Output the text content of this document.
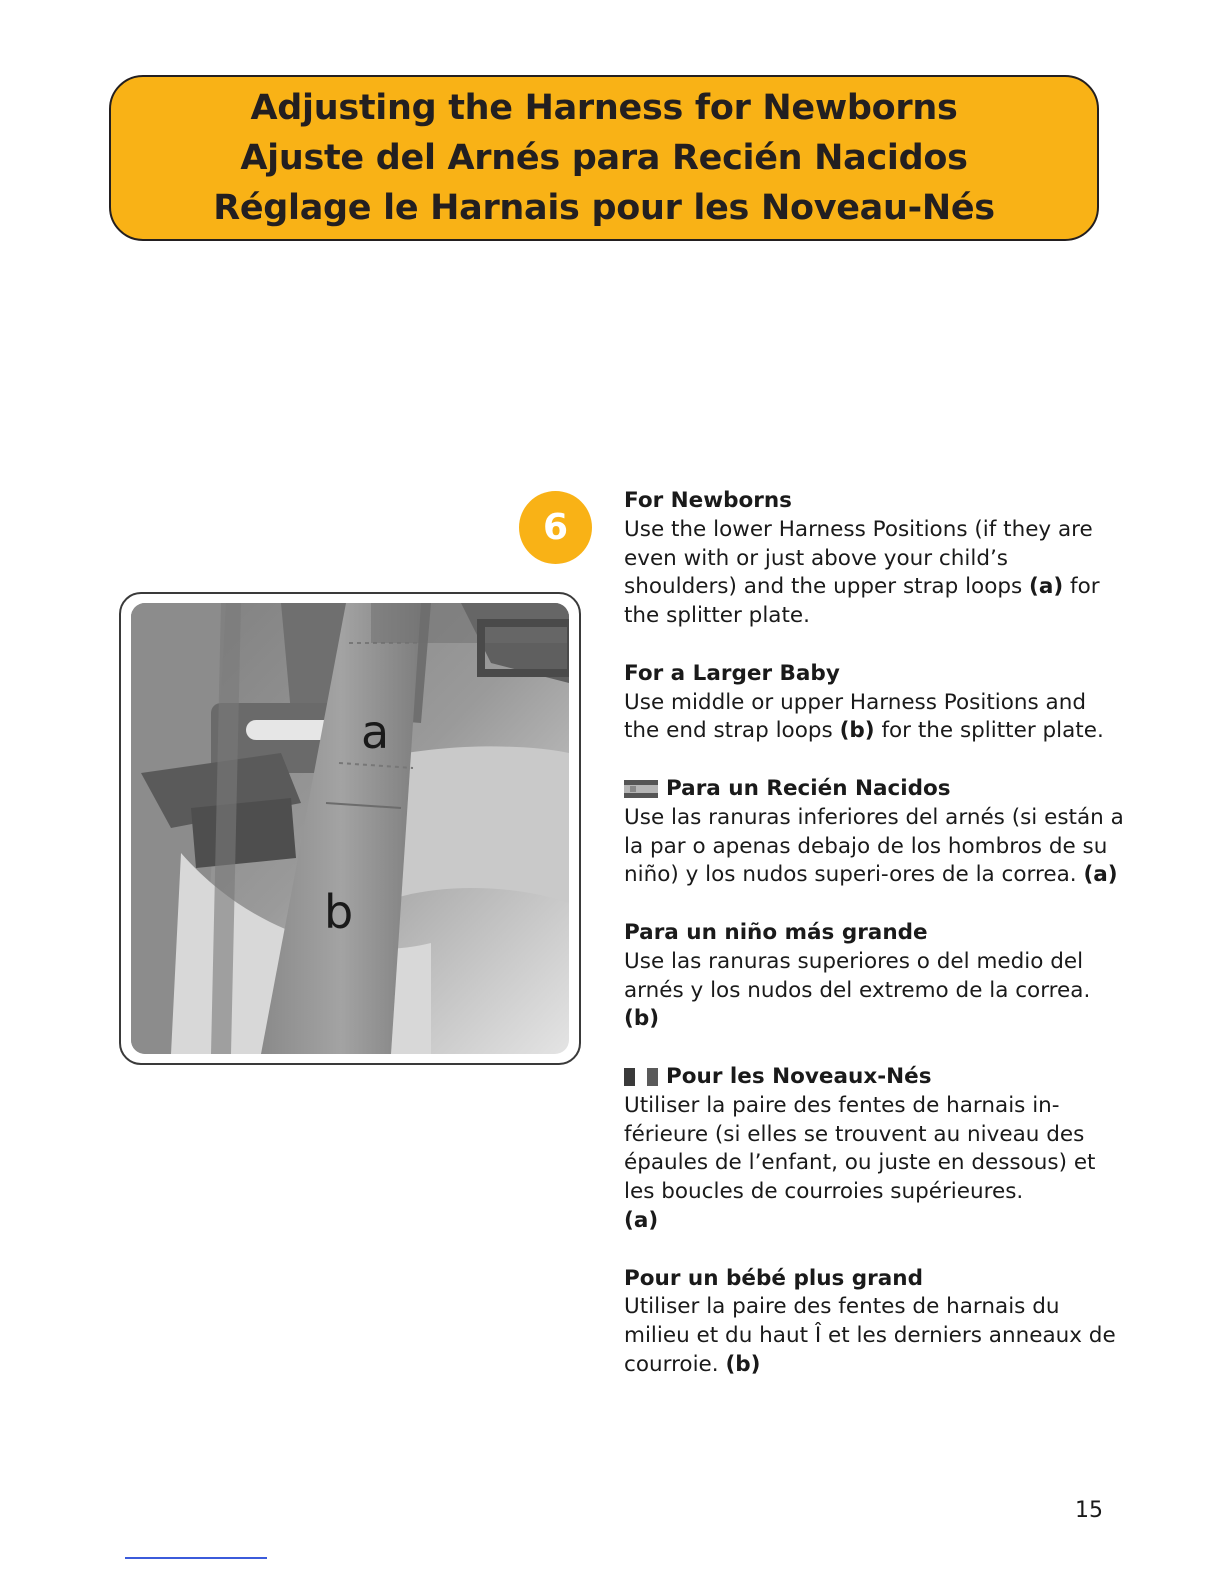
Adjusting the Harness for Newborns
Ajuste del Arnés para Recién Nacidos
Réglage le Harnais pour les Noveau-Nés
6
a
b
For Newborns
Use the lower Harness Positions (if they are even with or just above your child’s shoulders) and the upper strap loops (a) for the splitter plate.
For a Larger Baby
Use middle or upper Harness Positions and the end strap loops (b) for the splitter plate.
Para un Recién Nacidos
Use las ranuras inferiores del arnés (si están a la par o apenas debajo de los hombros de su niño) y los nudos superi-ores de la correa. (a)
Para un niño más grande
Use las ranuras superiores o del medio del arnés y los nudos del extremo de la correa. (b)
Pour les Noveaux-Nés
Utiliser la paire des fentes de harnais in-férieure (si elles se trouvent au niveau des épaules de l’enfant, ou juste en dessous) et les boucles de courroies supérieures.
(a)
Pour un bébé plus grand
Utiliser la paire des fentes de harnais du milieu et du haut Î et les derniers anneaux de courroie. (b)
15
